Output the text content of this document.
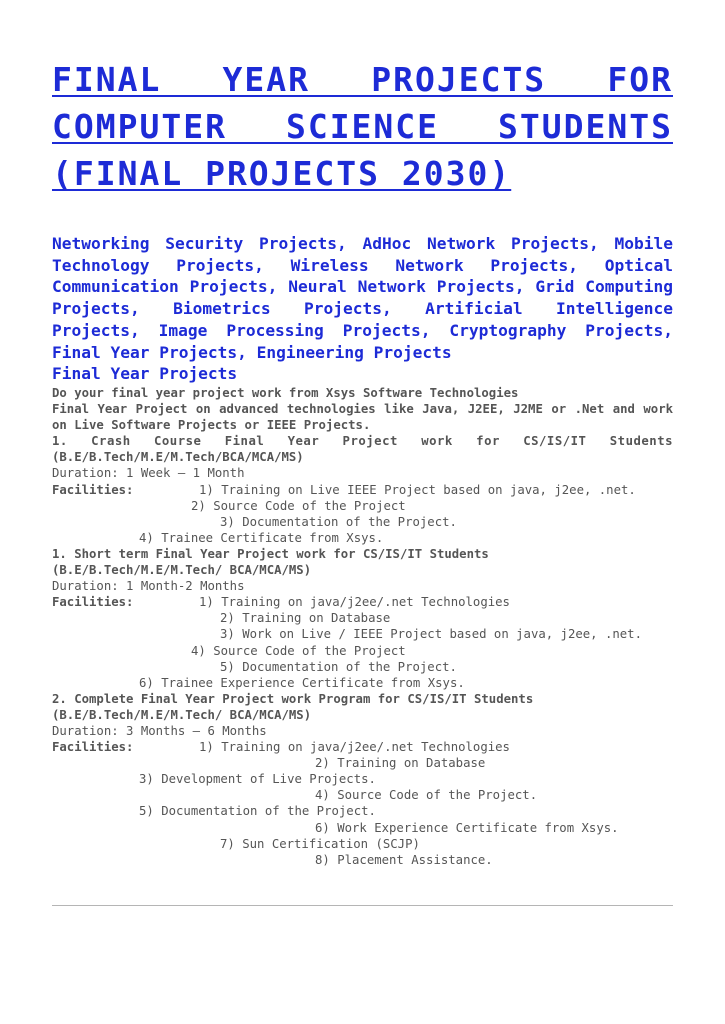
FINAL YEAR PROJECTS FOR COMPUTER SCIENCE STUDENTS (FINAL PROJECTS 2030)

Networking Security Projects, AdHoc Network Projects, Mobile Technology Projects, Wireless Network Projects, Optical Communication Projects, Neural Network Projects, Grid Computing Projects, Biometrics Projects, Artificial Intelligence Projects, Image Processing Projects, Cryptography Projects, Final Year Projects, Engineering Projects

Final Year Projects
Do your final year project work from Xsys Software Technologies
Final Year Project on advanced technologies like Java, J2EE, J2ME or .Net and work on Live Software Projects or IEEE Projects.
1. Crash Course Final Year Project work for CS/IS/IT Students
(B.E/B.Tech/M.E/M.Tech/BCA/MCA/MS)
Duration: 1 Week – 1 Month
Facilities:	1) Training on Live IEEE Project based on java, j2ee, .net.
2) Source Code of the Project
3) Documentation of the Project.
4) Trainee Certificate from Xsys.
1. Short term Final Year Project work for CS/IS/IT Students
(B.E/B.Tech/M.E/M.Tech/ BCA/MCA/MS)
Duration: 1 Month-2 Months
Facilities:	1) Training on java/j2ee/.net Technologies
2) Training on Database
3) Work on Live / IEEE Project based on java, j2ee, .net.
4) Source Code of the Project
5) Documentation of the Project.
6) Trainee Experience Certificate from Xsys.
2. Complete Final Year Project work Program for CS/IS/IT Students
(B.E/B.Tech/M.E/M.Tech/ BCA/MCA/MS)
Duration: 3 Months – 6 Months
Facilities:	1) Training on java/j2ee/.net Technologies
2) Training on Database
3) Development of Live Projects.
4) Source Code of the Project.
5) Documentation of the Project.
6) Work Experience Certificate from Xsys.
7) Sun Certification (SCJP)
8) Placement Assistance.
